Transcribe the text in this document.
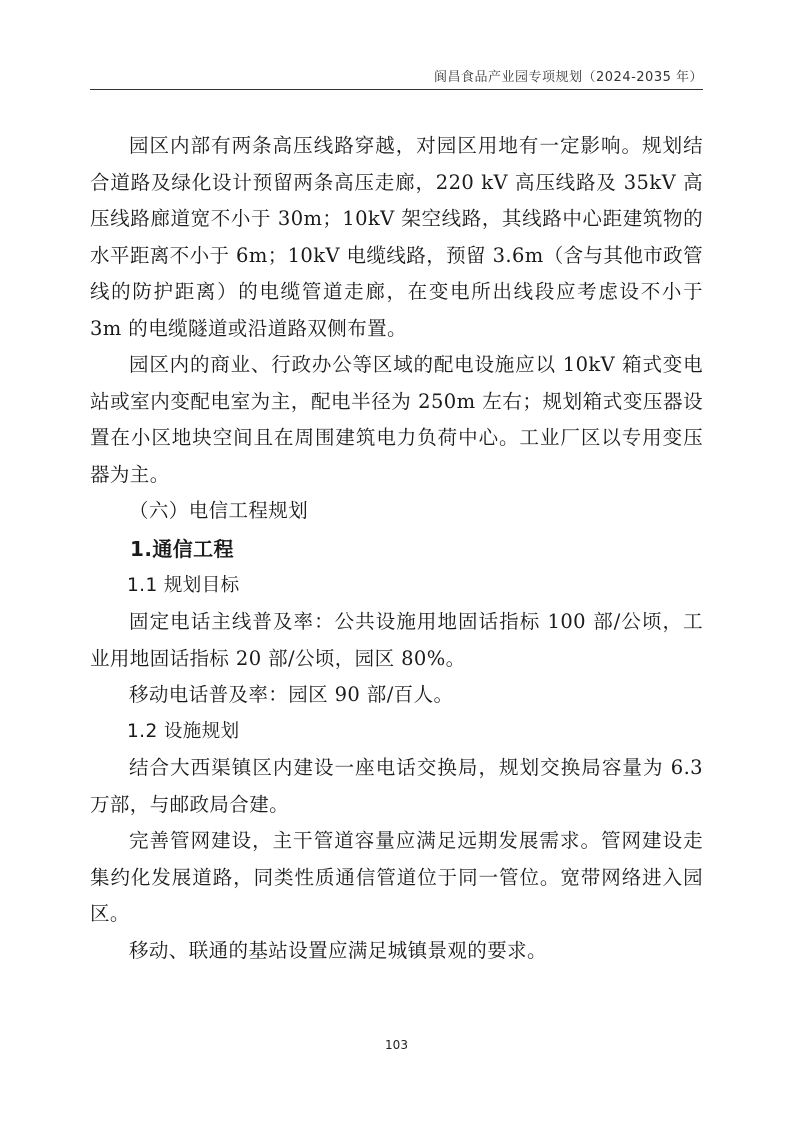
阆昌食品产业园专项规划（2024-2035 年）

园区内部有两条高压线路穿越，对园区用地有一定影响。规划结合道路及绿化设计预留两条高压走廊，220 kV 高压线路及 35kV 高压线路廊道宽不小于 30m；10kV 架空线路，其线路中心距建筑物的水平距离不小于 6m；10kV 电缆线路，预留 3.6m（含与其他市政管线的防护距离）的电缆管道走廊，在变电所出线段应考虑设不小于 3m 的电缆隧道或沿道路双侧布置。

园区内的商业、行政办公等区域的配电设施应以 10kV 箱式变电站或室内变配电室为主，配电半径为 250m 左右；规划箱式变压器设置在小区地块空间且在周围建筑电力负荷中心。工业厂区以专用变压器为主。

（六）电信工程规划

1.通信工程

1.1 规划目标

固定电话主线普及率：公共设施用地固话指标 100 部/公顷，工业用地固话指标 20 部/公顷，园区 80%。

移动电话普及率：园区 90 部/百人。

1.2 设施规划

结合大西渠镇区内建设一座电话交换局，规划交换局容量为 6.3 万部，与邮政局合建。

完善管网建设，主干管道容量应满足远期发展需求。管网建设走集约化发展道路，同类性质通信管道位于同一管位。宽带网络进入园区。

移动、联通的基站设置应满足城镇景观的要求。

103
